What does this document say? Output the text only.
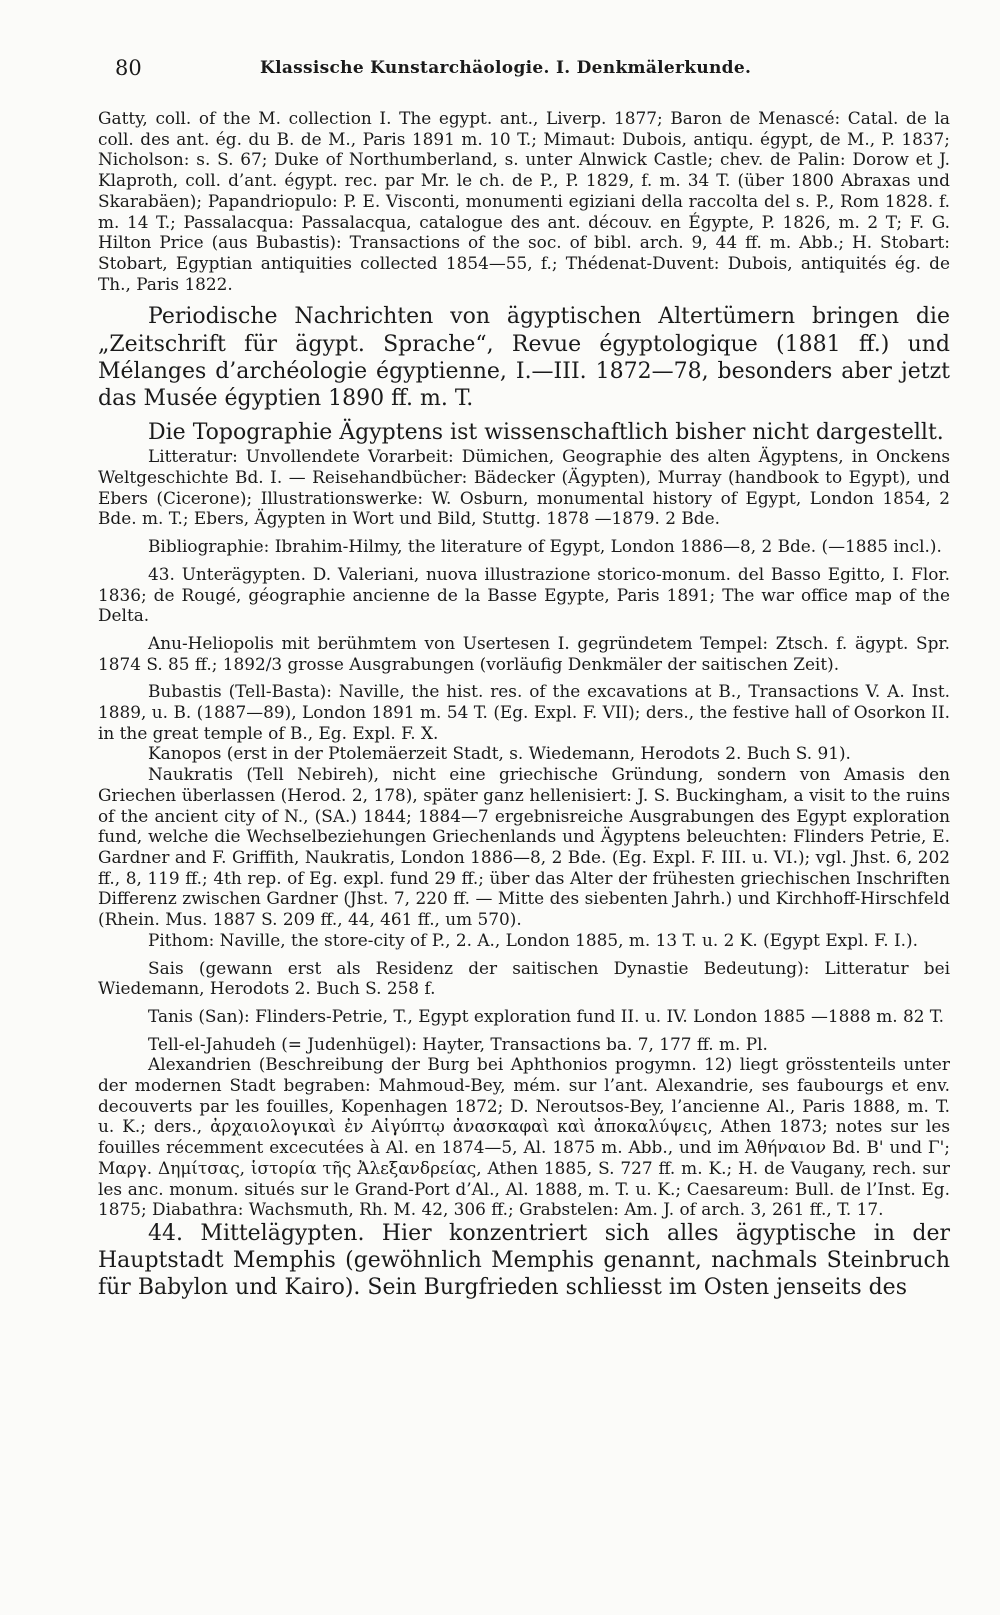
80	Klassische Kunstarchäologie. I. Denkmälerkunde.

Gatty, coll. of the M. collection I. The egypt. ant., Liverp. 1877; Baron de Menascé: Catal. de la coll. des ant. ég. du B. de M., Paris 1891 m. 10 T.; Mimaut: Dubois, antiqu. égypt, de M., P. 1837; Nicholson: s. S. 67; Duke of Northumberland, s. unter Alnwick Castle; chev. de Palin: Dorow et J. Klaproth, coll. d’ant. égypt. rec. par Mr. le ch. de P., P. 1829, f. m. 34 T. (über 1800 Abraxas und Skarabäen); Papandriopulo: P. E. Visconti, monumenti egiziani della raccolta del s. P., Rom 1828. f. m. 14 T.; Passalacqua: Passalacqua, catalogue des ant. découv. en Égypte, P. 1826, m. 2 T; F. G. Hilton Price (aus Bubastis): Transactions of the soc. of bibl. arch. 9, 44 ff. m. Abb.; H. Stobart: Stobart, Egyptian antiquities collected 1854—55, f.; Thédenat-Duvent: Dubois, antiquités ég. de Th., Paris 1822.

Periodische Nachrichten von ägyptischen Altertümern bringen die „Zeitschrift für ägypt. Sprache“, Revue égyptologique (1881 ff.) und Mélanges d’archéologie égyptienne, I.—III. 1872—78, besonders aber jetzt das Musée égyptien 1890 ff. m. T.

Die Topographie Ägyptens ist wissenschaftlich bisher nicht dargestellt.

Litteratur: Unvollendete Vorarbeit: Dümichen, Geographie des alten Ägyptens, in Onckens Weltgeschichte Bd. I. — Reisehandbücher: Bädecker (Ägypten), Murray (handbook to Egypt), und Ebers (Cicerone); Illustrationswerke: W. Osburn, monumental history of Egypt, London 1854, 2 Bde. m. T.; Ebers, Ägypten in Wort und Bild, Stuttg. 1878 —1879. 2 Bde.

Bibliographie: Ibrahim-Hilmy, the literature of Egypt, London 1886—8, 2 Bde. (—1885 incl.).

43. Unterägypten. D. Valeriani, nuova illustrazione storico-monum. del Basso Egitto, I. Flor. 1836; de Rougé, géographie ancienne de la Basse Egypte, Paris 1891; The war office map of the Delta.

Anu-Heliopolis mit berühmtem von Usertesen I. gegründetem Tempel: Ztsch. f. ägypt. Spr. 1874 S. 85 ff.; 1892/3 grosse Ausgrabungen (vorläufig Denkmäler der saitischen Zeit).

Bubastis (Tell-Basta): Naville, the hist. res. of the excavations at B., Transactions V. A. Inst. 1889, u. B. (1887—89), London 1891 m. 54 T. (Eg. Expl. F. VII); ders., the festive hall of Osorkon II. in the great temple of B., Eg. Expl. F. X.

Kanopos (erst in der Ptolemäerzeit Stadt, s. Wiedemann, Herodots 2. Buch S. 91).

Naukratis (Tell Nebireh), nicht eine griechische Gründung, sondern von Amasis den Griechen überlassen (Herod. 2, 178), später ganz hellenisiert: J. S. Buckingham, a visit to the ruins of the ancient city of N., (SA.) 1844; 1884—7 ergebnisreiche Ausgrabungen des Egypt exploration fund, welche die Wechselbeziehungen Griechenlands und Ägyptens beleuchten: Flinders Petrie, E. Gardner and F. Griffith, Naukratis, London 1886—8, 2 Bde. (Eg. Expl. F. III. u. VI.); vgl. Jhst. 6, 202 ff., 8, 119 ff.; 4th rep. of Eg. expl. fund 29 ff.; über das Alter der frühesten griechischen Inschriften Differenz zwischen Gardner (Jhst. 7, 220 ff. — Mitte des siebenten Jahrh.) und Kirchhoff-Hirschfeld (Rhein. Mus. 1887 S. 209 ff., 44, 461 ff., um 570).

Pithom: Naville, the store-city of P., 2. A., London 1885, m. 13 T. u. 2 K. (Egypt Expl. F. I.).

Sais (gewann erst als Residenz der saitischen Dynastie Bedeutung): Litteratur bei Wiedemann, Herodots 2. Buch S. 258 f.

Tanis (San): Flinders-Petrie, T., Egypt exploration fund II. u. IV. London 1885 —1888 m. 82 T.

Tell-el-Jahudeh (= Judenhügel): Hayter, Transactions ba. 7, 177 ff. m. Pl.

Alexandrien (Beschreibung der Burg bei Aphthonios progymn. 12) liegt grösstenteils unter der modernen Stadt begraben: Mahmoud-Bey, mém. sur l’ant. Alexandrie, ses faubourgs et env. decouverts par les fouilles, Kopenhagen 1872; D. Neroutsos-Bey, l’ancienne Al., Paris 1888, m. T. u. K.; ders., ἀρχαιολογικαὶ ἐν Αἰγύπτῳ ἀνασκαφαὶ καὶ ἀποκαλύψεις, Athen 1873; notes sur les fouilles récemment excecutées à Al. en 1874—5, Al. 1875 m. Abb., und im Ἀθήναιον Bd. Β' und Γ'; Μαργ. Δημίτσας, ἱστορία τῆς Ἀλεξανδρείας, Athen 1885, S. 727 ff. m. K.; H. de Vaugany, rech. sur les anc. monum. situés sur le Grand-Port d’Al., Al. 1888, m. T. u. K.; Caesareum: Bull. de l’Inst. Eg. 1875; Diabathra: Wachsmuth, Rh. M. 42, 306 ff.; Grabstelen: Am. J. of arch. 3, 261 ff., T. 17.

44. Mittelägypten. Hier konzentriert sich alles ägyptische in der Hauptstadt Memphis (gewöhnlich Memphis genannt, nachmals Steinbruch für Babylon und Kairo). Sein Burgfrieden schliesst im Osten jenseits des
